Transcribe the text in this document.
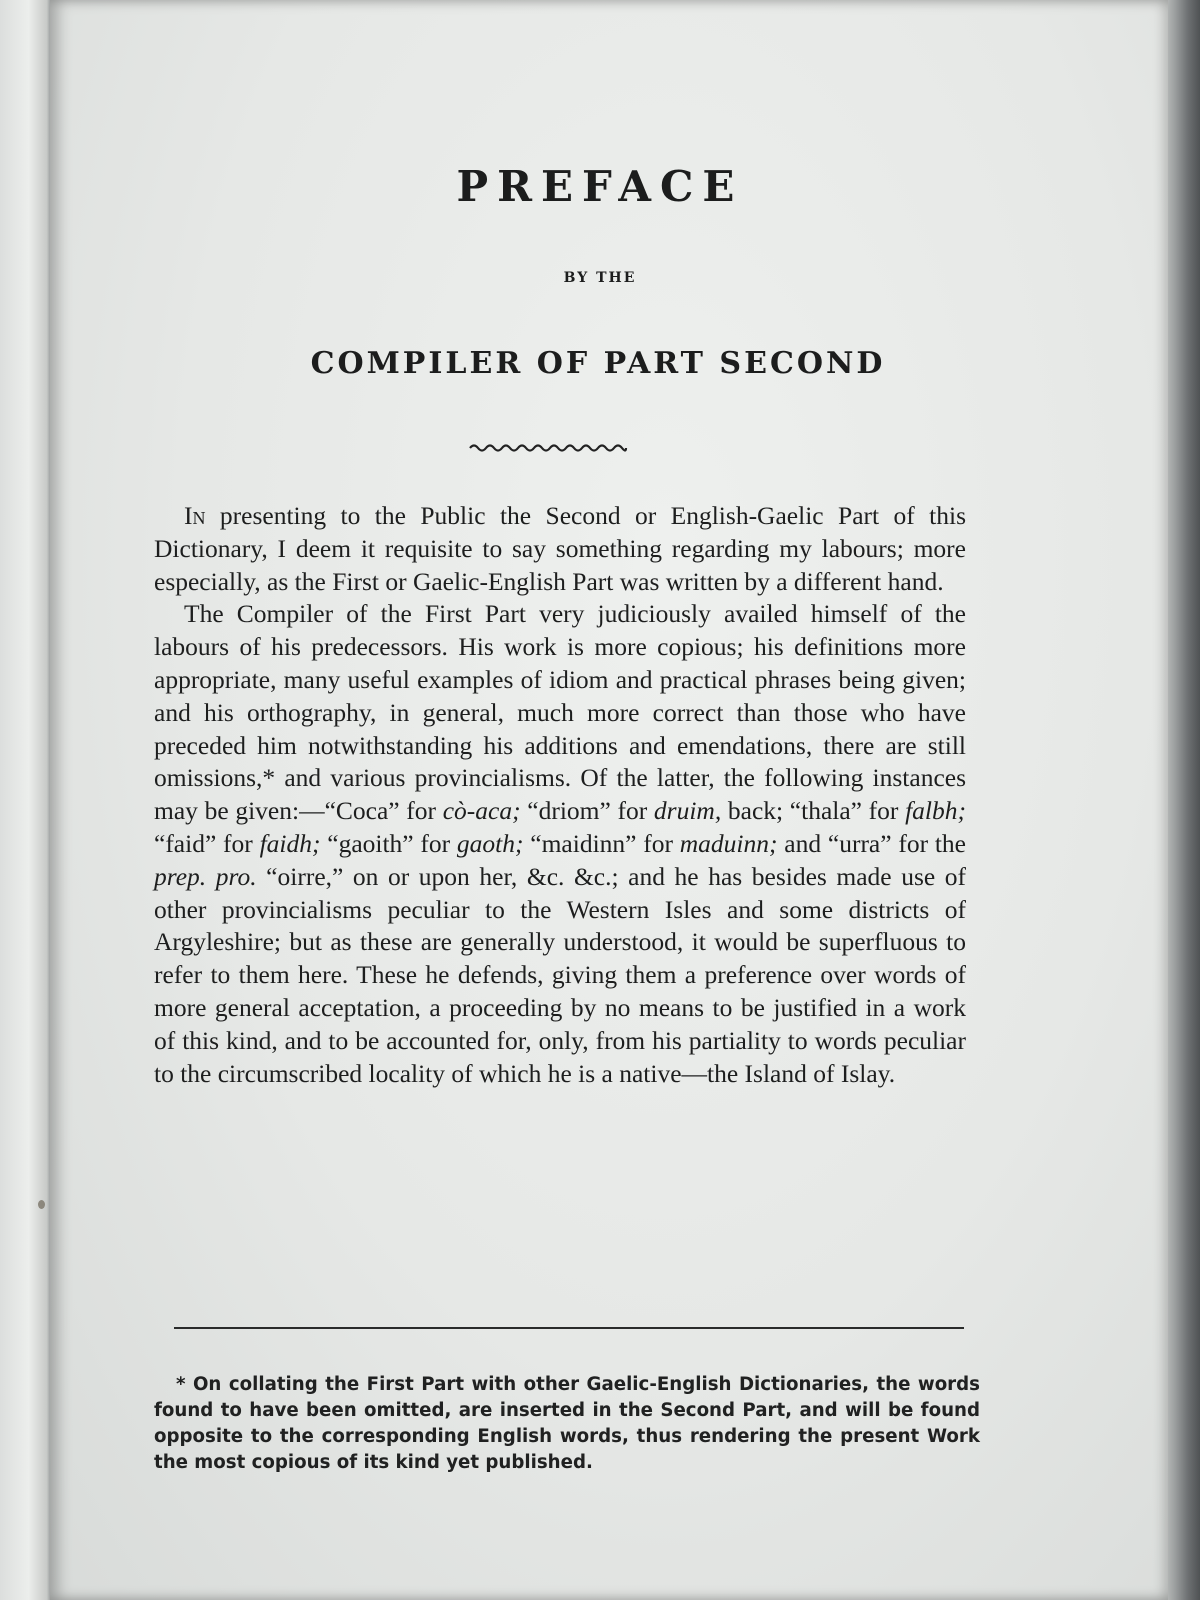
PREFACE
BY THE
COMPILER OF PART SECOND

In presenting to the Public the Second or English-Gaelic Part of this Dictionary, I deem it requisite to say something regarding my labours; more especially, as the First or Gaelic-English Part was written by a different hand.

The Compiler of the First Part very judiciously availed himself of the labours of his predecessors. His work is more copious; his definitions more appropriate, many useful examples of idiom and practical phrases being given; and his orthography, in general, much more correct than those who have preceded him notwithstanding his additions and emendations, there are still omissions,* and various provincialisms. Of the latter, the following instances may be given:—“Coca” for cò-aca; “driom” for druim, back; “thala” for falbh; “faid” for faidh; “gaoith” for gaoth; “maidinn” for maduinn; and “urra” for the prep. pro. “oirre,” on or upon her, &c. &c.; and he has besides made use of other provincialisms peculiar to the Western Isles and some districts of Argyleshire; but as these are generally understood, it would be superfluous to refer to them here. These he defends, giving them a preference over words of more general acceptation, a proceeding by no means to be justified in a work of this kind, and to be accounted for, only, from his partiality to words peculiar to the circumscribed locality of which he is a native—the Island of Islay.

* On collating the First Part with other Gaelic-English Dictionaries, the words found to have been omitted, are inserted in the Second Part, and will be found opposite to the corresponding English words, thus rendering the present Work the most copious of its kind yet published.
